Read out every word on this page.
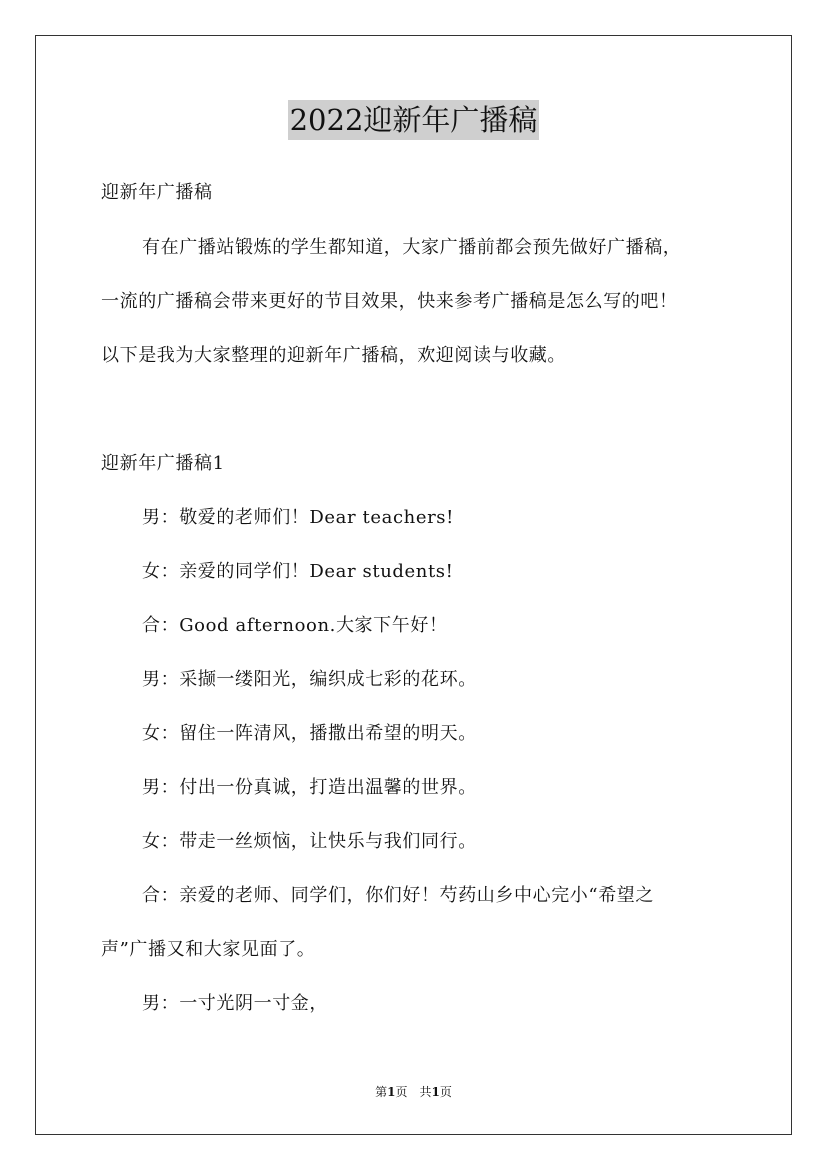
2022迎新年广播稿
迎新年广播稿
有在广播站锻炼的学生都知道，大家广播前都会预先做好广播稿，
一流的广播稿会带来更好的节目效果，快来参考广播稿是怎么写的吧！
以下是我为大家整理的迎新年广播稿，欢迎阅读与收藏。
迎新年广播稿1
男：敬爱的老师们！Dear teachers!
女：亲爱的同学们！Dear students!
合：Good afternoon.大家下午好！
男：采撷一缕阳光，编织成七彩的花环。
女：留住一阵清风，播撒出希望的明天。
男：付出一份真诚，打造出温馨的世界。
女：带走一丝烦恼，让快乐与我们同行。
合：亲爱的老师、同学们，你们好！芍药山乡中心完小“希望之
声”广播又和大家见面了。
男：一寸光阴一寸金，
第1页　共1页
